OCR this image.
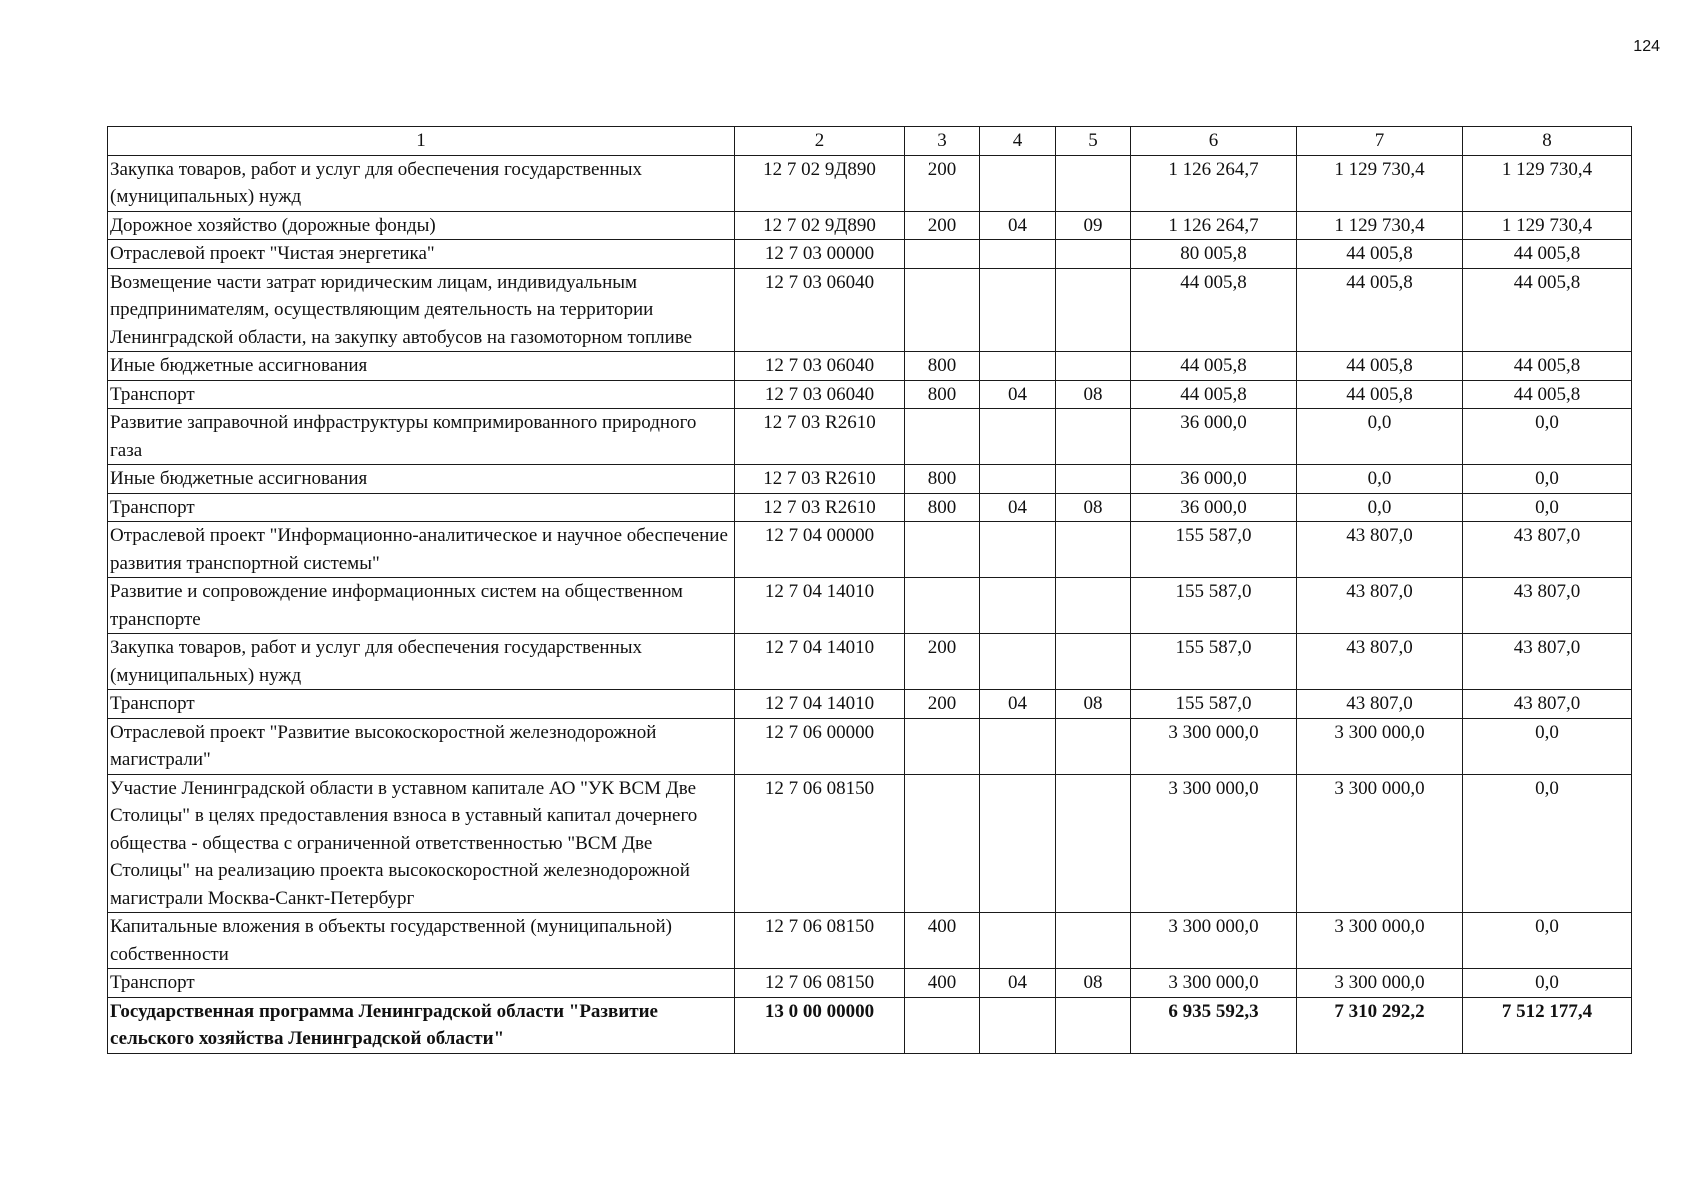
124
1	2	3	4	5	6	7	8
Закупка товаров, работ и услуг для обеспечения государственных (муниципальных) нужд	12 7 02 9Д890	200			1 126 264,7	1 129 730,4	1 129 730,4
Дорожное хозяйство (дорожные фонды)	12 7 02 9Д890	200	04	09	1 126 264,7	1 129 730,4	1 129 730,4
Отраслевой проект "Чистая энергетика"	12 7 03 00000				80 005,8	44 005,8	44 005,8
Возмещение части затрат юридическим лицам, индивидуальным предпринимателям, осуществляющим деятельность на территории Ленинградской области, на закупку автобусов на газомоторном топливе	12 7 03 06040				44 005,8	44 005,8	44 005,8
Иные бюджетные ассигнования	12 7 03 06040	800			44 005,8	44 005,8	44 005,8
Транспорт	12 7 03 06040	800	04	08	44 005,8	44 005,8	44 005,8
Развитие заправочной инфраструктуры компримированного природного газа	12 7 03 R2610				36 000,0	0,0	0,0
Иные бюджетные ассигнования	12 7 03 R2610	800			36 000,0	0,0	0,0
Транспорт	12 7 03 R2610	800	04	08	36 000,0	0,0	0,0
Отраслевой проект "Информационно-аналитическое и научное обеспечение развития транспортной системы"	12 7 04 00000				155 587,0	43 807,0	43 807,0
Развитие и сопровождение информационных систем на общественном транспорте	12 7 04 14010				155 587,0	43 807,0	43 807,0
Закупка товаров, работ и услуг для обеспечения государственных (муниципальных) нужд	12 7 04 14010	200			155 587,0	43 807,0	43 807,0
Транспорт	12 7 04 14010	200	04	08	155 587,0	43 807,0	43 807,0
Отраслевой проект "Развитие высокоскоростной железнодорожной магистрали"	12 7 06 00000				3 300 000,0	3 300 000,0	0,0
Участие Ленинградской области в уставном капитале АО "УК ВСМ Две Столицы" в целях предоставления взноса в уставный капитал дочернего общества - общества с ограниченной ответственностью "ВСМ Две Столицы" на реализацию проекта высокоскоростной железнодорожной магистрали Москва-Санкт-Петербург	12 7 06 08150				3 300 000,0	3 300 000,0	0,0
Капитальные вложения в объекты государственной (муниципальной) собственности	12 7 06 08150	400			3 300 000,0	3 300 000,0	0,0
Транспорт	12 7 06 08150	400	04	08	3 300 000,0	3 300 000,0	0,0
Государственная программа Ленинградской области "Развитие сельского хозяйства Ленинградской области"	13 0 00 00000				6 935 592,3	7 310 292,2	7 512 177,4
